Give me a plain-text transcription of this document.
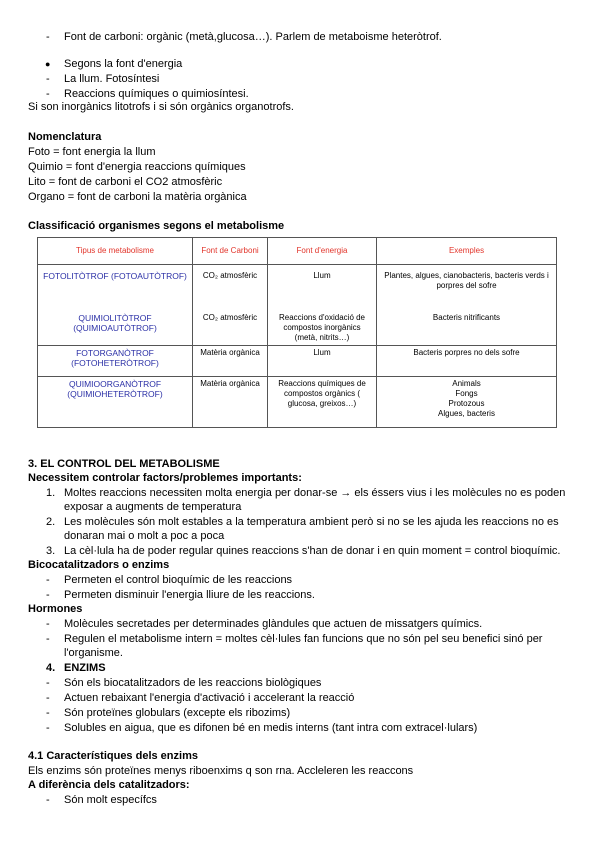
- Font de carboni: orgànic (metà,glucosa…). Parlem de metaboisme heteròtrof.
● Segons la font d'energia
- La llum. Fotosíntesi
- Reaccions químiques o quimiosíntesi.
Si son inorgànics litotrofs i si són orgànics organotrofs.
Nomenclatura
Foto = font energia la llum
Quimio = font d'energia reaccions químiques
Lito = font de carboni el CO2 atmosfèric
Organo = font de carboni la matèria orgànica
Classificació organismes segons el metabolisme
Tipus de metabolisme	Font de Carboni	Font d'energia	Exemples
FOTOLITÒTROF (FOTOAUTÒTROF)	CO₂ atmosfèric	Llum	Plantes, algues, cianobacteris, bacteris verds i porpres del sofre
QUIMIOLITÒTROF (QUIMIOAUTÒTROF)	CO₂ atmosfèric	Reaccions d'oxidació de compostos inorgànics (metà, nitrits…)	Bacteris nitrificants
FOTORGANÒTROF (FOTOHETERÒTROF)	Matèria orgànica	Llum	Bacteris porpres no dels sofre
QUIMIOORGANÒTROF (QUIMIOHETERÒTROF)	Matèria orgànica	Reaccions químiques de compostos orgànics ( glucosa, greixos…)	Animals
Fongs
Protozous
Algues, bacteris
3. EL CONTROL DEL METABOLISME
Necessitem controlar factors/problemes importants:
1. Moltes reaccions necessiten molta energia per donar-se → els éssers vius i les molècules no es poden
exposar a augments de temperatura
2. Les molècules són molt estables a la temperatura ambient però si no se les ajuda les reaccions no es
donaran mai o molt a poc a poca
3. La cèl·lula ha de poder regular quines reaccions s'han de donar i en quin moment = control bioquímic.
Bicocatalitzadors o enzims
- Permeten el control bioquímic de les reaccions
- Permeten disminuir l'energia lliure de les reaccions.
Hormones
- Molècules secretades per determinades glàndules que actuen de missatgers químics.
- Regulen el metabolisme intern = moltes cèl·lules fan funcions que no són pel seu benefici sinó per
l'organisme.
4. ENZIMS
- Són els biocatalitzadors de les reaccions biològiques
- Actuen rebaixant l'energia d'activació i accelerant la reacció
- Són proteïnes globulars (excepte els ribozims)
- Solubles en aigua, que es difonen bé en medis interns (tant intra com extracel·lulars)
4.1 Característiques dels enzims
Els enzims són proteïnes menys riboenxims q son rna. Accleleren les reaccons
A diferència dels catalitzadors:
- Són molt específcs
